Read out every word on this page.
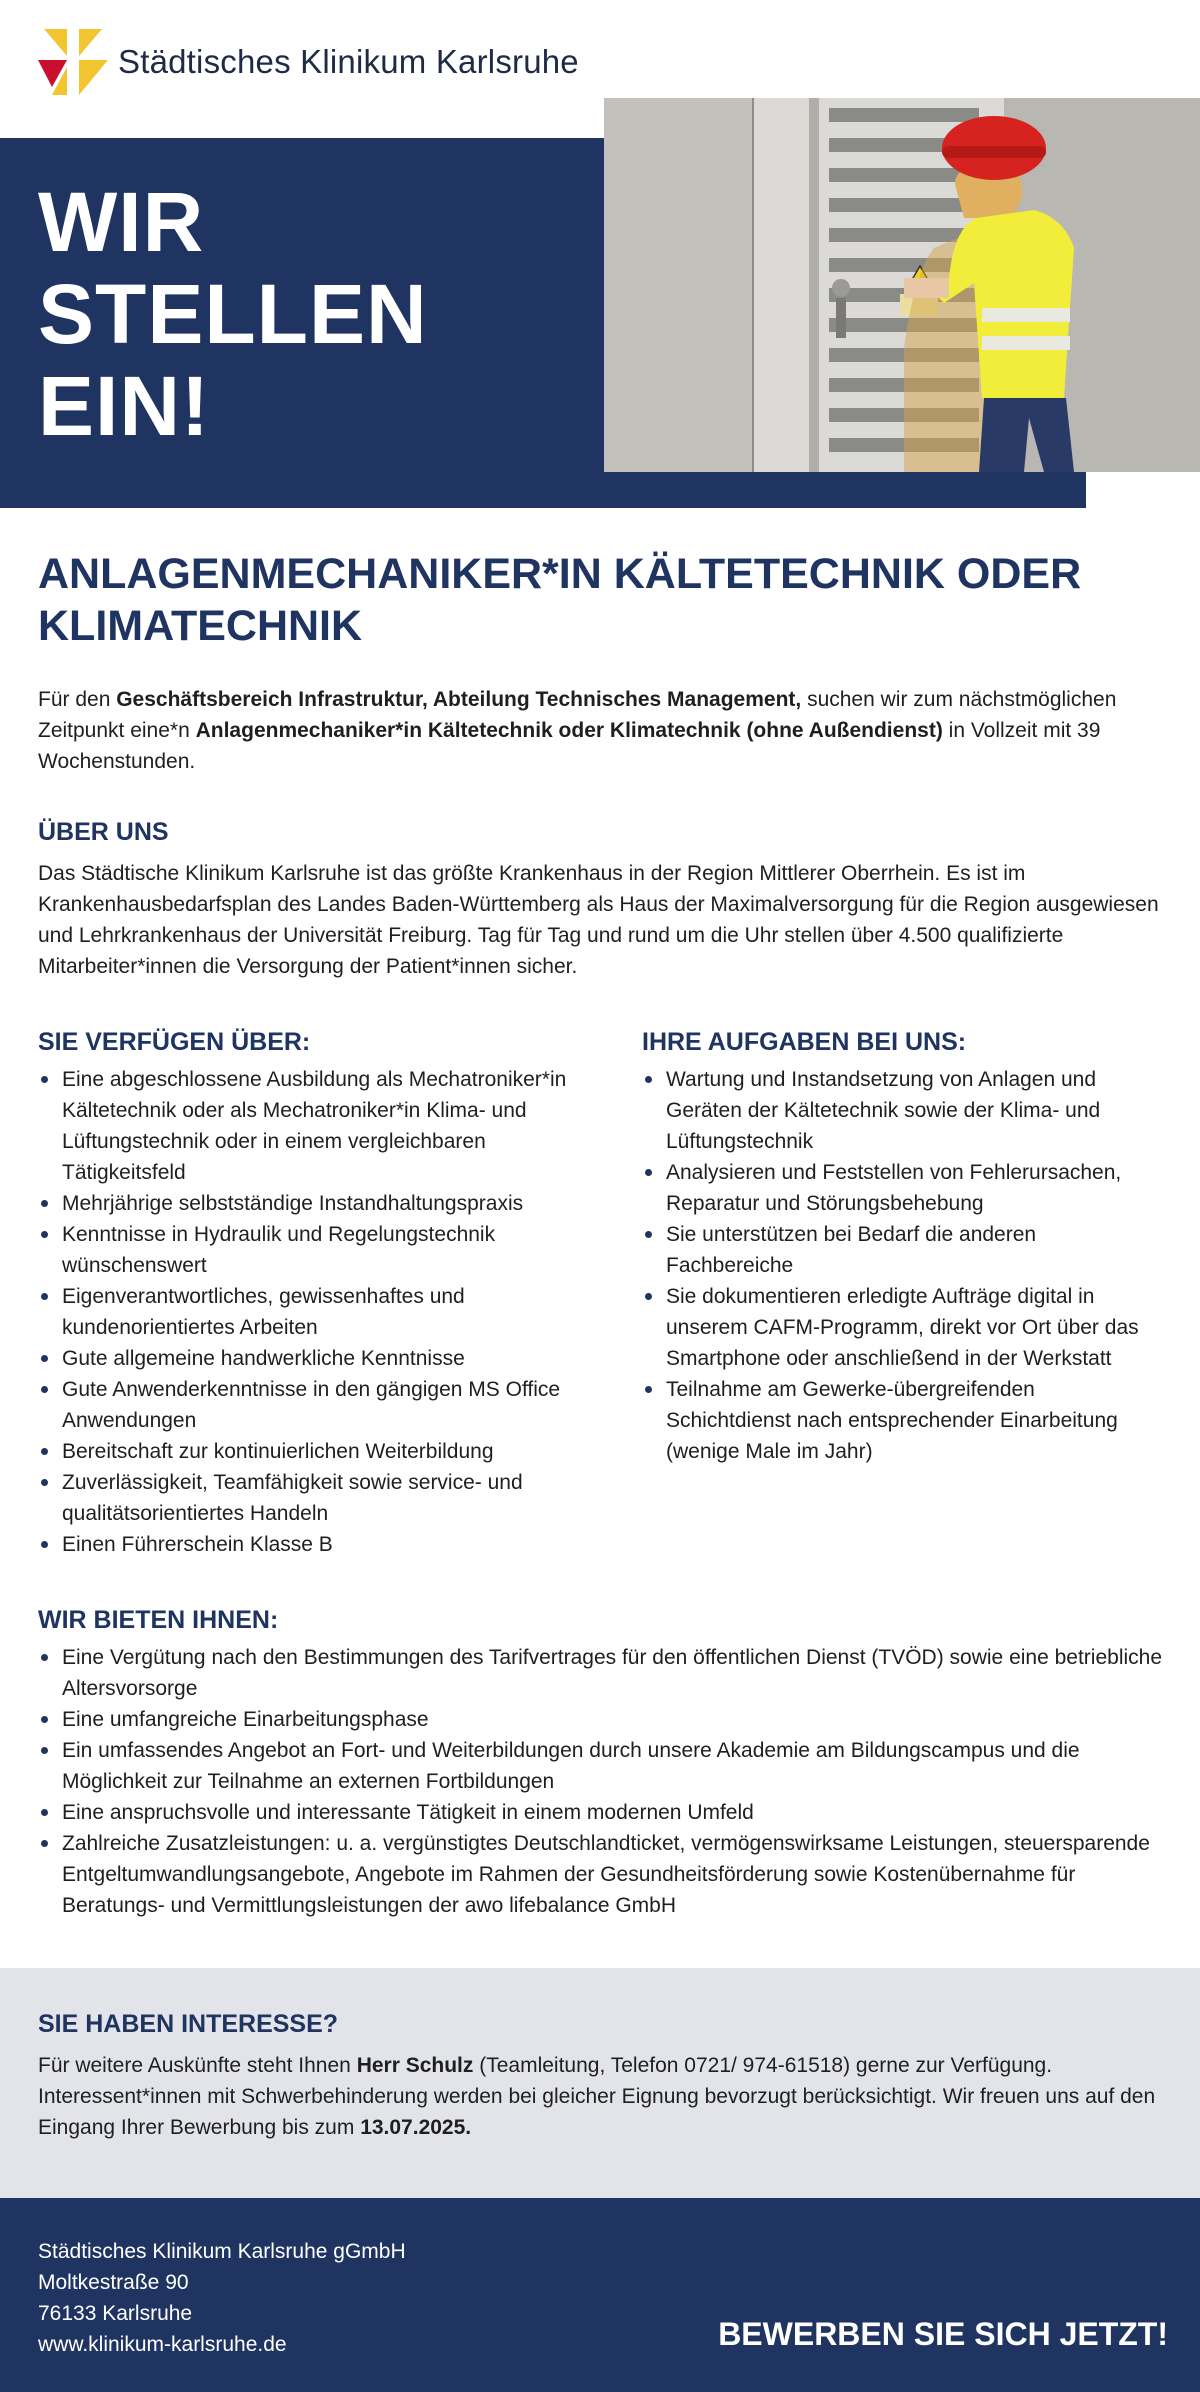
Städtisches Klinikum Karlsruhe
WIR
STELLEN
EIN!
ANLAGENMECHANIKER*IN KÄLTETECHNIK ODER
KLIMATECHNIK

Für den Geschäftsbereich Infrastruktur, Abteilung Technisches Management, suchen wir zum nächstmöglichen Zeitpunkt eine*n Anlagenmechaniker*in Kältetechnik oder Klimatechnik (ohne Außendienst) in Vollzeit mit 39 Wochenstunden.

ÜBER UNS

Das Städtische Klinikum Karlsruhe ist das größte Krankenhaus in der Region Mittlerer Oberrhein. Es ist im Krankenhausbedarfsplan des Landes Baden-Württemberg als Haus der Maximalversorgung für die Region ausgewiesen und Lehrkrankenhaus der Universität Freiburg. Tag für Tag und rund um die Uhr stellen über 4.500 qualifizierte Mitarbeiter*innen die Versorgung der Patient*innen sicher.

SIE VERFÜGEN ÜBER:
Eine abgeschlossene Ausbildung als Mechatroniker*in Kältetechnik oder als Mechatroniker*in Klima- und Lüftungstechnik oder in einem vergleichbaren Tätigkeitsfeld
Mehrjährige selbstständige Instandhaltungspraxis
Kenntnisse in Hydraulik und Regelungstechnik wünschenswert
Eigenverantwortliches, gewissenhaftes und kundenorientiertes Arbeiten
Gute allgemeine handwerkliche Kenntnisse
Gute Anwenderkenntnisse in den gängigen MS Office Anwendungen
Bereitschaft zur kontinuierlichen Weiterbildung
Zuverlässigkeit, Teamfähigkeit sowie service- und qualitätsorientiertes Handeln
Einen Führerschein Klasse B
IHRE AUFGABEN BEI UNS:
Wartung und Instandsetzung von Anlagen und Geräten der Kältetechnik sowie der Klima- und Lüftungstechnik
Analysieren und Feststellen von Fehlerursachen, Reparatur und Störungsbehebung
Sie unterstützen bei Bedarf die anderen Fachbereiche
Sie dokumentieren erledigte Aufträge digital in unserem CAFM-Programm, direkt vor Ort über das Smartphone oder anschließend in der Werkstatt
Teilnahme am Gewerke-übergreifenden Schichtdienst nach entsprechender Einarbeitung (wenige Male im Jahr)
WIR BIETEN IHNEN:
Eine Vergütung nach den Bestimmungen des Tarifvertrages für den öffentlichen Dienst (TVÖD) sowie eine betriebliche Altersvorsorge
Eine umfangreiche Einarbeitungsphase
Ein umfassendes Angebot an Fort- und Weiterbildungen durch unsere Akademie am Bildungscampus und die Möglichkeit zur Teilnahme an externen Fortbildungen
Eine anspruchsvolle und interessante Tätigkeit in einem modernen Umfeld
Zahlreiche Zusatzleistungen: u. a. vergünstigtes Deutschlandticket, vermögenswirksame Leistungen, steuersparende Entgeltumwandlungsangebote, Angebote im Rahmen der Gesundheitsförderung sowie Kostenübernahme für Beratungs- und Vermittlungsleistungen der awo lifebalance GmbH
SIE HABEN INTERESSE?

Für weitere Auskünfte steht Ihnen Herr Schulz (Teamleitung, Telefon 0721/ 974-61518) gerne zur Verfügung. Interessent*innen mit Schwerbehinderung werden bei gleicher Eignung bevorzugt berücksichtigt. Wir freuen uns auf den Eingang Ihrer Bewerbung bis zum 13.07.2025.

Städtisches Klinikum Karlsruhe gGmbH
Moltkestraße 90
76133 Karlsruhe
www.klinikum-karlsruhe.de	BEWERBEN SIE SICH JETZT!
